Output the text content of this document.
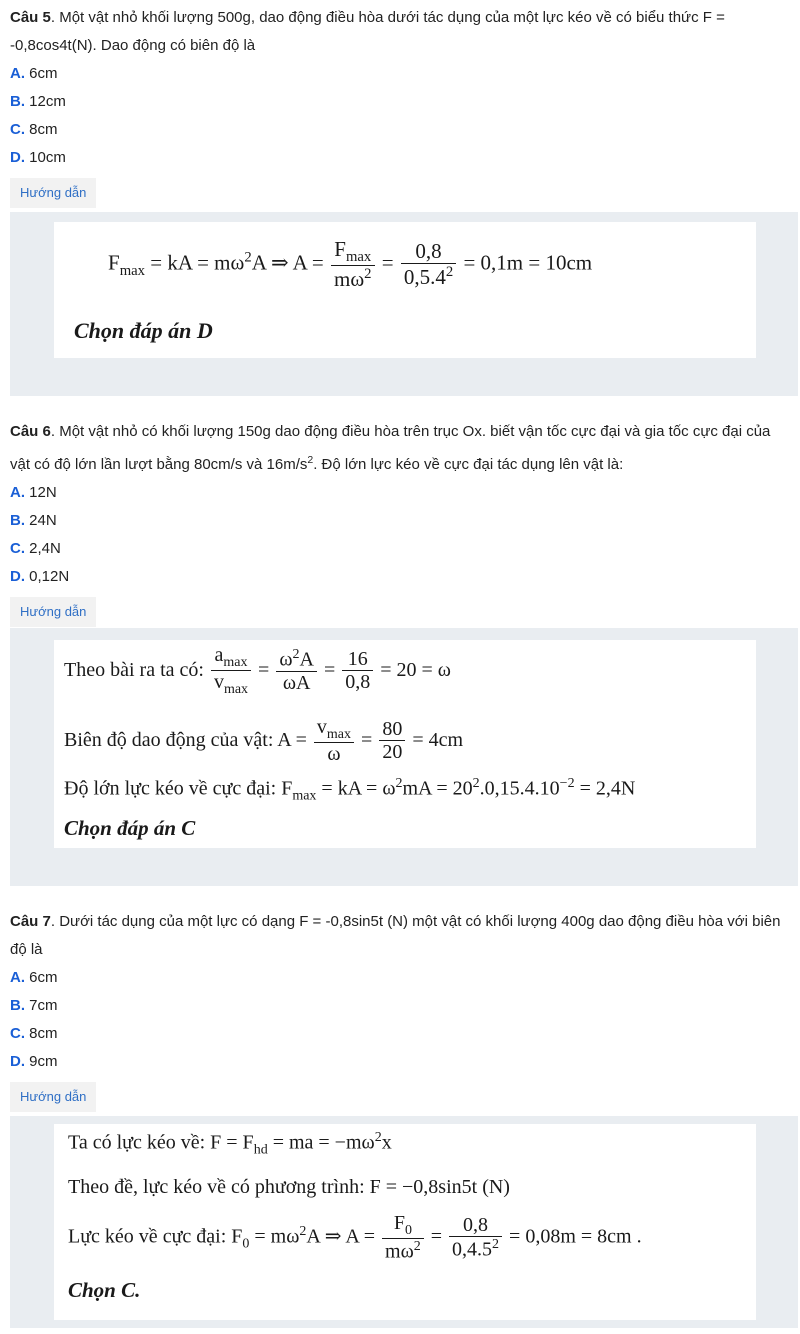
Câu 5. Một vật nhỏ khối lượng 500g, dao động điều hòa dưới tác dụng của một lực kéo về có biểu thức F = -0,8cos4t(N). Dao động có biên độ là
A. 6cm
B. 12cm
C. 8cm
D. 10cm
Hướng dẫn
$F_{max}$ = kA = $m\omega^2A$ ⇒ $A = \frac{F_{max}}{m\omega^2} = \frac{0,8}{0,5.4^2} = 0,1m = 10cm$
Chọn đáp án D
Câu 6. Một vật nhỏ có khối lượng 150g dao động điều hòa trên trục Ox. biết vận tốc cực đại và gia tốc cực đại của vật có độ lớn lần lượt bằng 80cm/s và $16m/s^2$. Độ lớn lực kéo về cực đại tác dụng lên vật là:
A. 12N
B. 24N
C. 2,4N
D. 0,12N
Hướng dẫn
Theo bài ra ta có: $\frac{a_{max}}{v_{max}} = \frac{\omega^2A}{\omega A} = \frac{16}{0,8} = 20 = \omega$
Biên độ dao động của vật: $A = \frac{v_{max}}{\omega} = \frac{80}{20} = 4cm$
Độ lớn lực kéo về cực đại: $F_{max}$ = kA = $\omega^2mA = 20^2.0,15.4.10^{-2} = 2,4N$
Chọn đáp án C
Câu 7. Dưới tác dụng của một lực có dạng F = -0,8sin5t (N) một vật có khối lượng 400g dao động điều hòa với biên độ là
A. 6cm
B. 7cm
C. 8cm
D. 9cm
Hướng dẫn
Ta có lực kéo về: $F = F_{hd}$ = ma = $-m\omega^2x$
Theo đề, lực kéo về có phương trình: F = −0,8sin5t (N)
Lực kéo về cực đại: $F_0 = m\omega^2A$ ⇒ $A = \frac{F_0}{m\omega^2} = \frac{0,8}{0,4.5^2} = 0,08m = 8cm$ .
Chọn C.
